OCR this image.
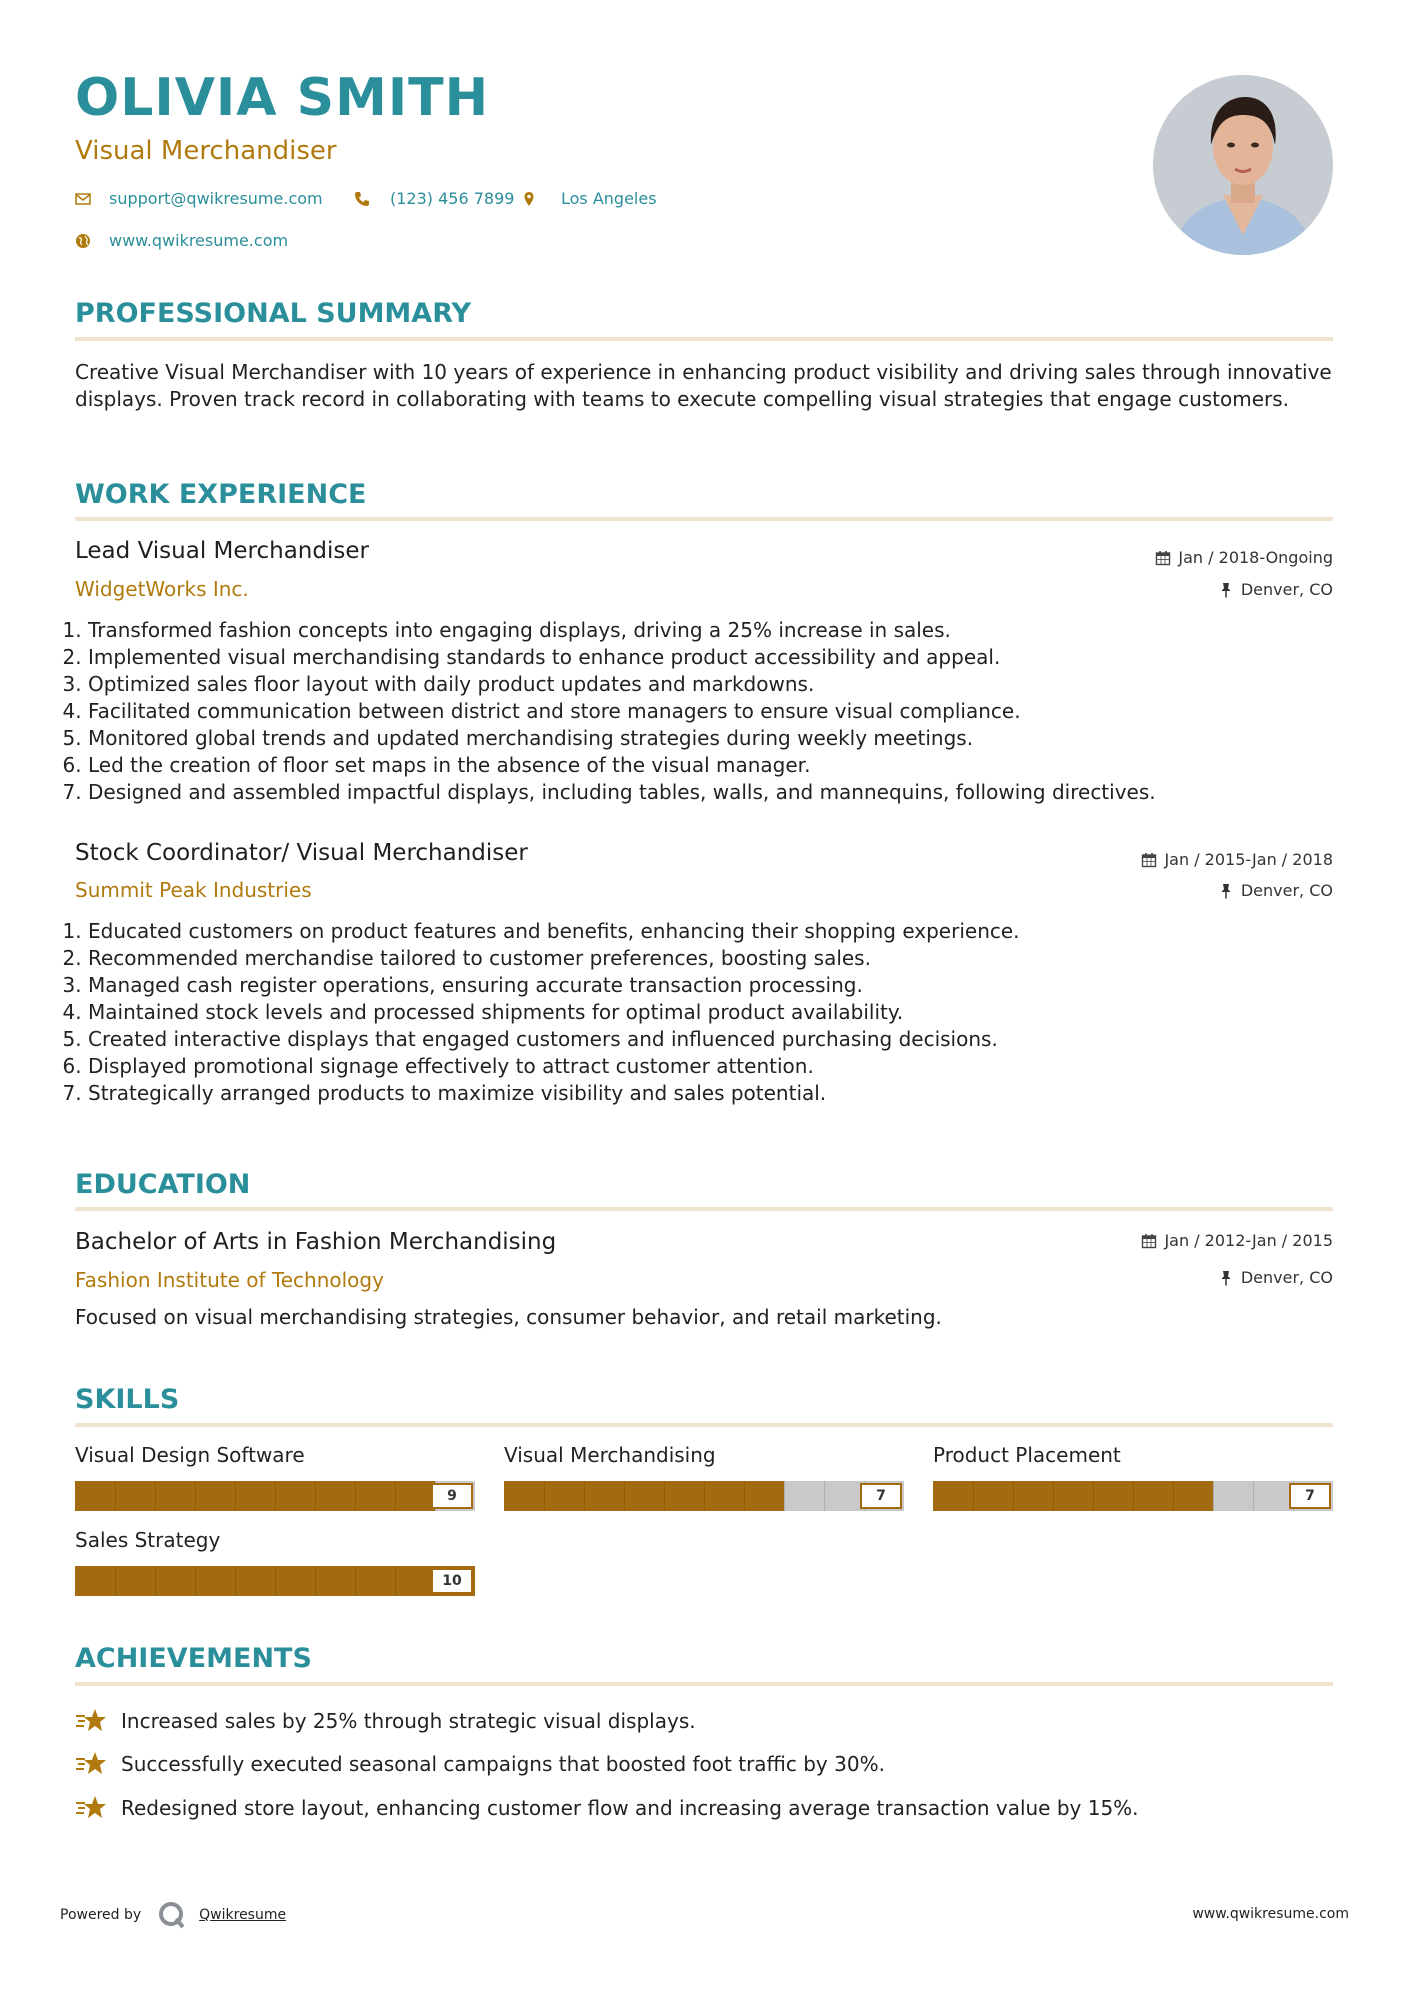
OLIVIA SMITH
Visual Merchandiser
support@qwikresume.com	(123) 456 7899	Los Angeles
www.qwikresume.com
PROFESSIONAL SUMMARY
Creative Visual Merchandiser with 10 years of experience in enhancing product visibility and driving sales through innovative displays. Proven track record in collaborating with teams to execute compelling visual strategies that engage customers.
WORK EXPERIENCE
Lead Visual Merchandiser
WidgetWorks Inc.
Jan / 2018-Ongoing
Denver, CO
1. Transformed fashion concepts into engaging displays, driving a 25% increase in sales.
2. Implemented visual merchandising standards to enhance product accessibility and appeal.
3. Optimized sales floor layout with daily product updates and markdowns.
4. Facilitated communication between district and store managers to ensure visual compliance.
5. Monitored global trends and updated merchandising strategies during weekly meetings.
6. Led the creation of floor set maps in the absence of the visual manager.
7. Designed and assembled impactful displays, including tables, walls, and mannequins, following directives.
Stock Coordinator/ Visual Merchandiser
Summit Peak Industries
Jan / 2015-Jan / 2018
Denver, CO
1. Educated customers on product features and benefits, enhancing their shopping experience.
2. Recommended merchandise tailored to customer preferences, boosting sales.
3. Managed cash register operations, ensuring accurate transaction processing.
4. Maintained stock levels and processed shipments for optimal product availability.
5. Created interactive displays that engaged customers and influenced purchasing decisions.
6. Displayed promotional signage effectively to attract customer attention.
7. Strategically arranged products to maximize visibility and sales potential.
EDUCATION
Bachelor of Arts in Fashion Merchandising
Fashion Institute of Technology
Jan / 2012-Jan / 2015
Denver, CO
Focused on visual merchandising strategies, consumer behavior, and retail marketing.
SKILLS
Visual Design Software
9
Visual Merchandising
7
Product Placement
7
Sales Strategy
10
ACHIEVEMENTS
Increased sales by 25% through strategic visual displays.
Successfully executed seasonal campaigns that boosted foot traffic by 30%.
Redesigned store layout, enhancing customer flow and increasing average transaction value by 15%.
Powered by	Qwikresume	www.qwikresume.com
